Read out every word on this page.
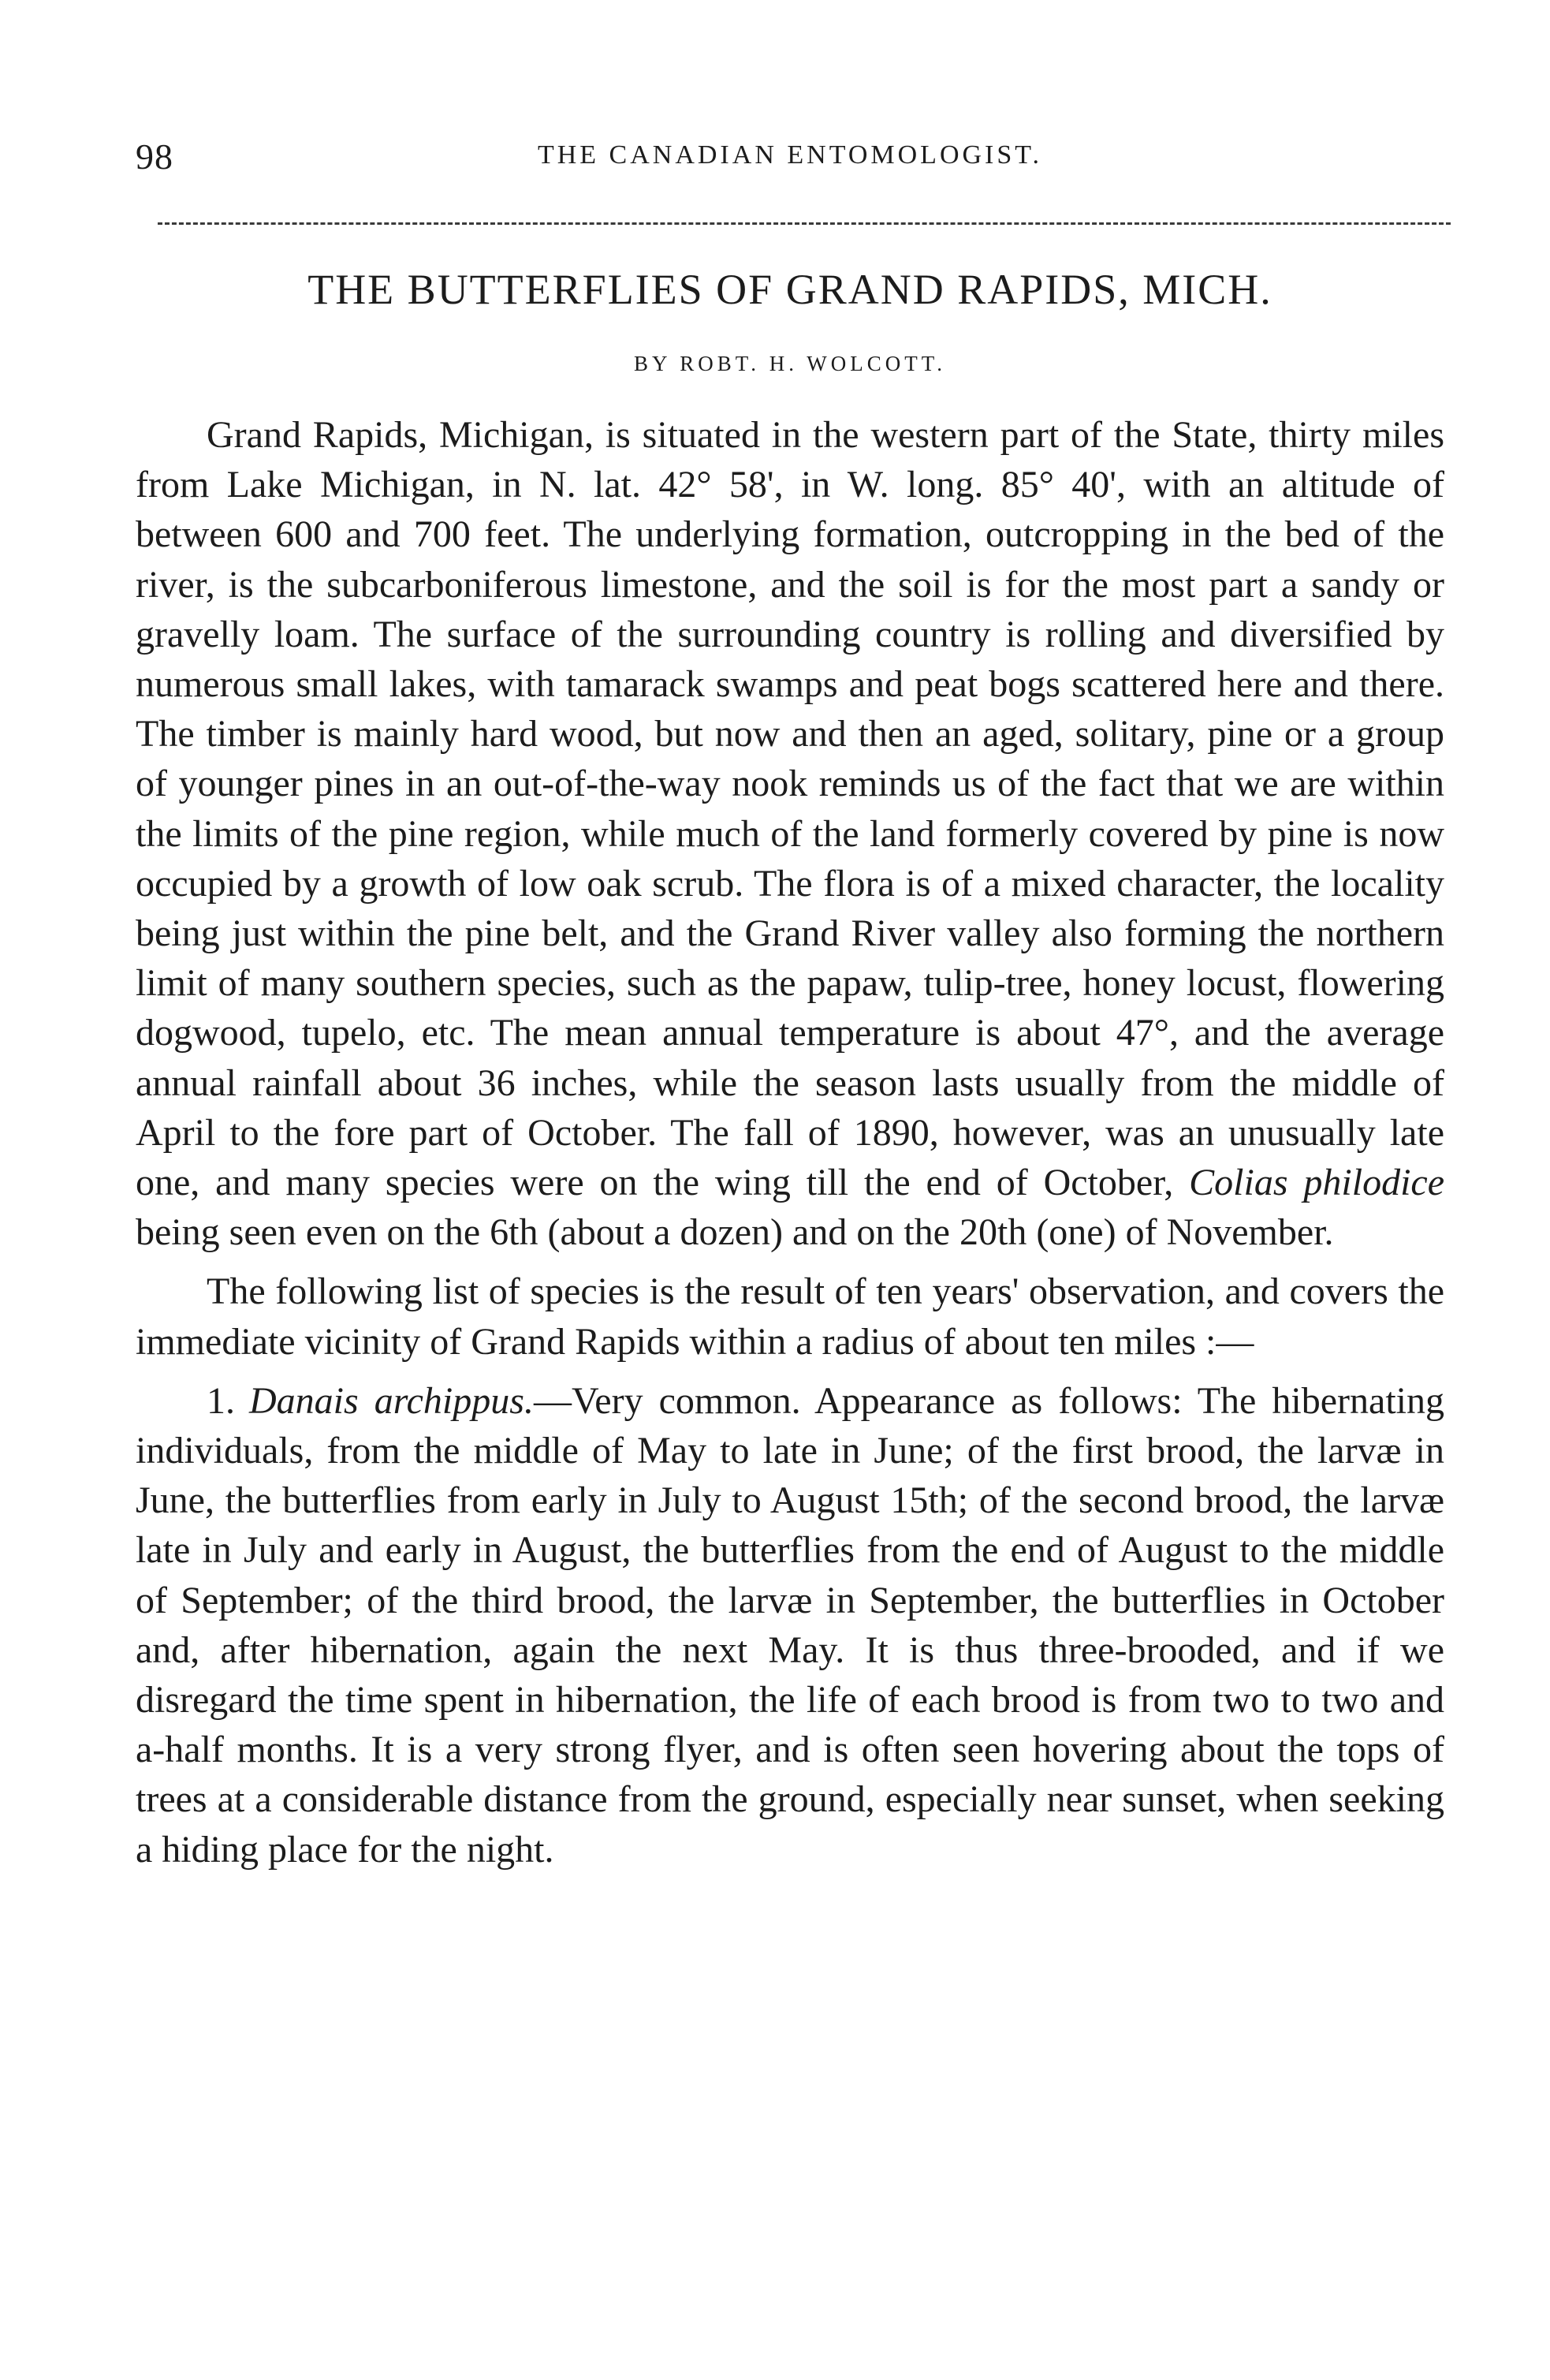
98	THE CANADIAN ENTOMOLOGIST.
THE BUTTERFLIES OF GRAND RAPIDS, MICH.
BY ROBT. H. WOLCOTT.

Grand Rapids, Michigan, is situated in the western part of the State, thirty miles from Lake Michigan, in N. lat. 42° 58', in W. long. 85° 40', with an altitude of between 600 and 700 feet. The underlying formation, outcropping in the bed of the river, is the subcarboniferous limestone, and the soil is for the most part a sandy or gravelly loam. The surface of the surrounding country is rolling and diversified by numerous small lakes, with tamarack swamps and peat bogs scattered here and there. The timber is mainly hard wood, but now and then an aged, solitary, pine or a group of younger pines in an out-of-the-way nook reminds us of the fact that we are within the limits of the pine region, while much of the land formerly covered by pine is now occupied by a growth of low oak scrub. The flora is of a mixed character, the locality being just within the pine belt, and the Grand River valley also forming the northern limit of many southern species, such as the papaw, tulip-tree, honey locust, flowering dogwood, tupelo, etc. The mean annual temperature is about 47°, and the average annual rainfall about 36 inches, while the season lasts usually from the middle of April to the fore part of October. The fall of 1890, however, was an unusually late one, and many species were on the wing till the end of October, Colias philodice being seen even on the 6th (about a dozen) and on the 20th (one) of November.

The following list of species is the result of ten years' observation, and covers the immediate vicinity of Grand Rapids within a radius of about ten miles :—

1. Danais archippus.—Very common. Appearance as follows: The hibernating individuals, from the middle of May to late in June; of the first brood, the larvæ in June, the butterflies from early in July to August 15th; of the second brood, the larvæ late in July and early in August, the butterflies from the end of August to the middle of September; of the third brood, the larvæ in September, the butterflies in October and, after hibernation, again the next May. It is thus three-brooded, and if we disregard the time spent in hibernation, the life of each brood is from two to two and a-half months. It is a very strong flyer, and is often seen hovering about the tops of trees at a considerable distance from the ground, especially near sunset, when seeking a hiding place for the night.
